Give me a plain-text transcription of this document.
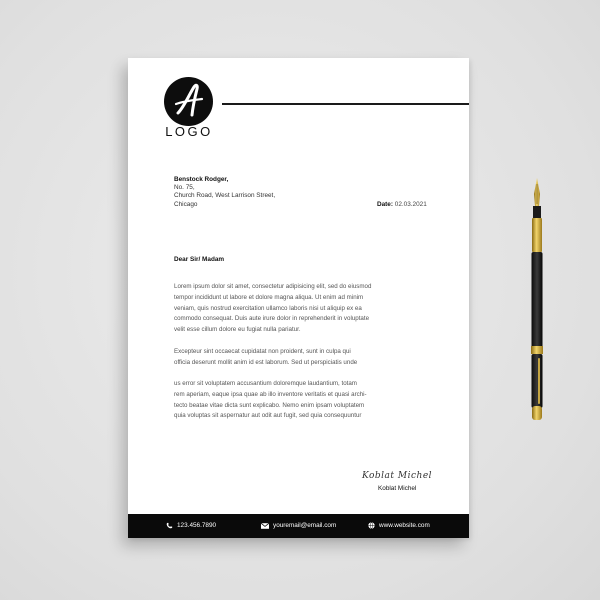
LOGO
Benstock Rodger,
No. 75,
Church Road, West Larrison Street,
Chicago	Date: 02.03.2021
Dear Sir/ Madam
Lorem ipsum dolor sit amet, consectetur adipisicing elit, sed do eiusmod
tempor incididunt ut labore et dolore magna aliqua. Ut enim ad minim
veniam, quis nostrud exercitation ullamco laboris nisi ut aliquip ex ea
commodo consequat. Duis aute irure dolor in reprehenderit in voluptate
velit esse cillum dolore eu fugiat nulla pariatur.
Excepteur sint occaecat cupidatat non proident, sunt in culpa qui
officia deserunt mollit anim id est laborum. Sed ut perspiciatis unde
us error sit voluptatem accusantium doloremque laudantium, totam
rem aperiam, eaque ipsa quae ab illo inventore veritatis et quasi archi-
tecto beatae vitae dicta sunt explicabo. Nemo enim ipsam voluptatem
quia voluptas sit aspernatur aut odit aut fugit, sed quia consequuntur
Koblat Michel
Koblat Michel
123.456.7890	youremail@email.com	www.website.com
